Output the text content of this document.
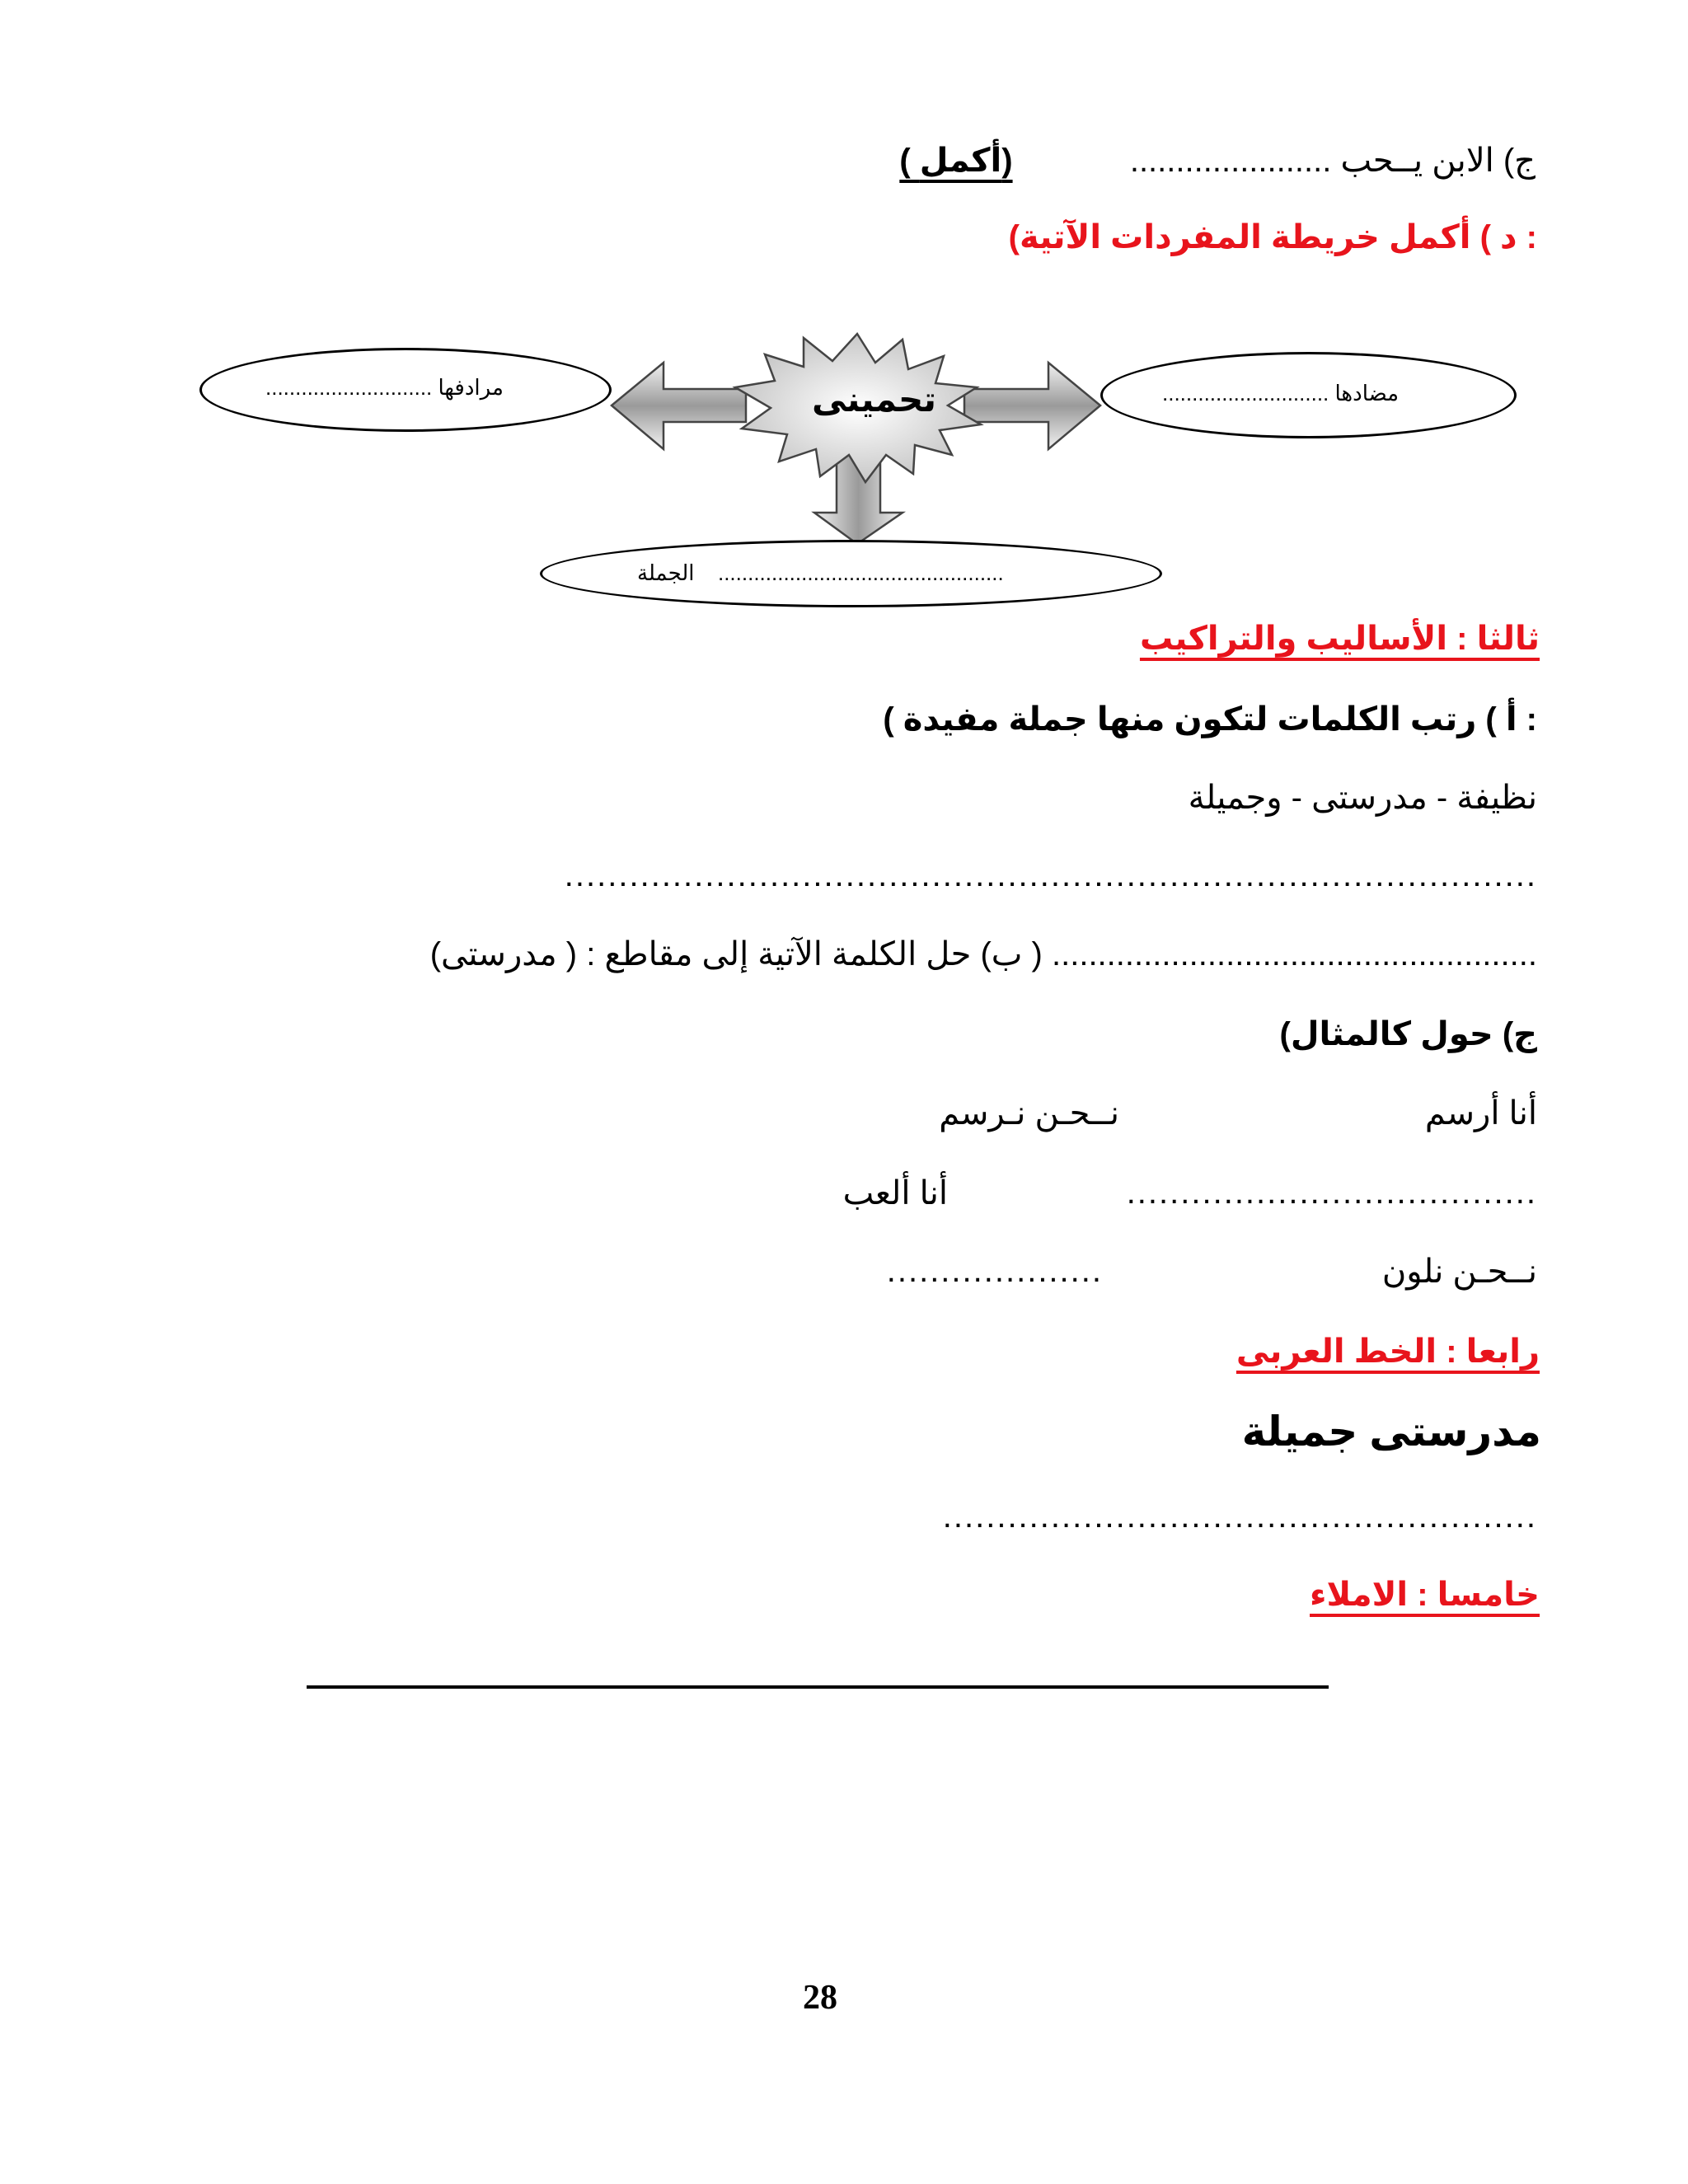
( أكمل)	...................... ج) الابن يــحب
: د ) أكمل خريطة المفردات الآتية)
تحمينى
............................ مرادفها	............................ مضادها
الجملة ................................................
ثالثا : الأساليب والتراكيب
: أ ) رتب الكلمات لتكون منها جملة مفيدة )
نظيفة - مدرستى - وجميلة
..........................................................................................
( ب) حل الكلمة الآتية إلى مقاطع : ( مدرستى) .....................................................
ج) حول كالمثال)
أنا أرسم
نــحـن نـرسم
......................................
أنا ألعب
نــحـن نلون
....................
رابعا : الخط العربى
مدرستى جميلة
.......................................................
خامسا : الاملاء
28
